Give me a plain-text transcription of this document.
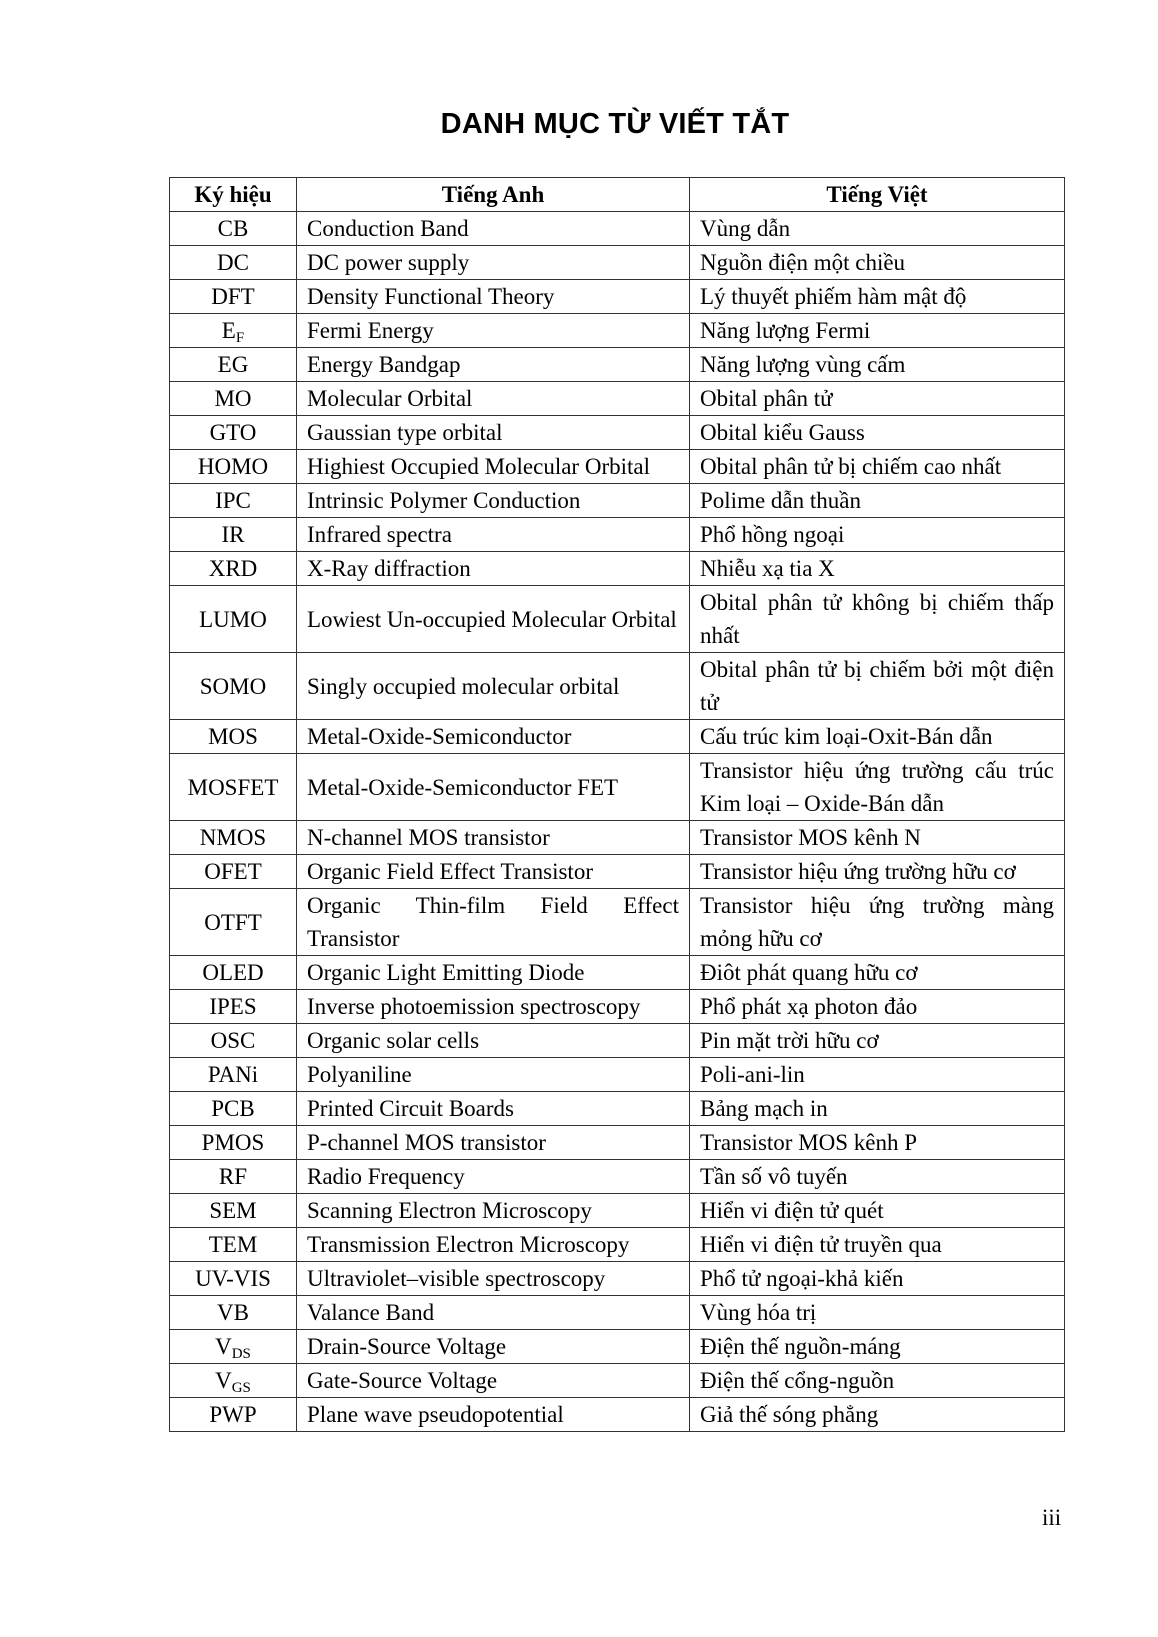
DANH MỤC TỪ VIẾT TẮT
Ký hiệu	Tiếng Anh	Tiếng Việt
CB	Conduction Band	Vùng dẫn
DC	DC power supply	Nguồn điện một chiều
DFT	Density Functional Theory	Lý thuyết phiếm hàm mật độ
$E_F$	Fermi Energy	Năng lượng Fermi
EG	Energy Bandgap	Năng lượng vùng cấm
MO	Molecular Orbital	Obital phân tử
GTO	Gaussian type orbital	Obital kiểu Gauss
HOMO	Highiest Occupied Molecular Orbital	Obital phân tử bị chiếm cao nhất
IPC	Intrinsic Polymer Conduction	Polime dẫn thuần
IR	Infrared spectra	Phổ hồng ngoại
XRD	X-Ray diffraction	Nhiễu xạ tia X
LUMO	Lowiest Un-occupied Molecular Orbital	Obital phân tử không bị chiếm thấp nhất
SOMO	Singly occupied molecular orbital	Obital phân tử bị chiếm bởi một điện tử
MOS	Metal-Oxide-Semiconductor	Cấu trúc kim loại-Oxit-Bán dẫn
MOSFET	Metal-Oxide-Semiconductor FET	Transistor hiệu ứng trường cấu trúc Kim loại – Oxide-Bán dẫn
NMOS	N-channel MOS transistor	Transistor MOS kênh N
OFET	Organic Field Effect Transistor	Transistor hiệu ứng trường hữu cơ
OTFT	Organic Thin-film Field Effect Transistor	Transistor hiệu ứng trường màng mỏng hữu cơ
OLED	Organic Light Emitting Diode	Điôt phát quang hữu cơ
IPES	Inverse photoemission spectroscopy	Phổ phát xạ photon đảo
OSC	Organic solar cells	Pin mặt trời hữu cơ
PANi	Polyaniline	Poli-ani-lin
PCB	Printed Circuit Boards	Bảng mạch in
PMOS	P-channel MOS transistor	Transistor MOS kênh P
RF	Radio Frequency	Tần số vô tuyến
SEM	Scanning Electron Microscopy	Hiển vi điện tử quét
TEM	Transmission Electron Microscopy	Hiển vi điện tử truyền qua
UV-VIS	Ultraviolet–visible spectroscopy	Phổ tử ngoại-khả kiến
VB	Valance Band	Vùng hóa trị
$V_{DS}$	Drain-Source Voltage	Điện thế nguồn-máng
$V_{GS}$	Gate-Source Voltage	Điện thế cổng-nguồn
PWP	Plane wave pseudopotential	Giả thế sóng phẳng
iii
